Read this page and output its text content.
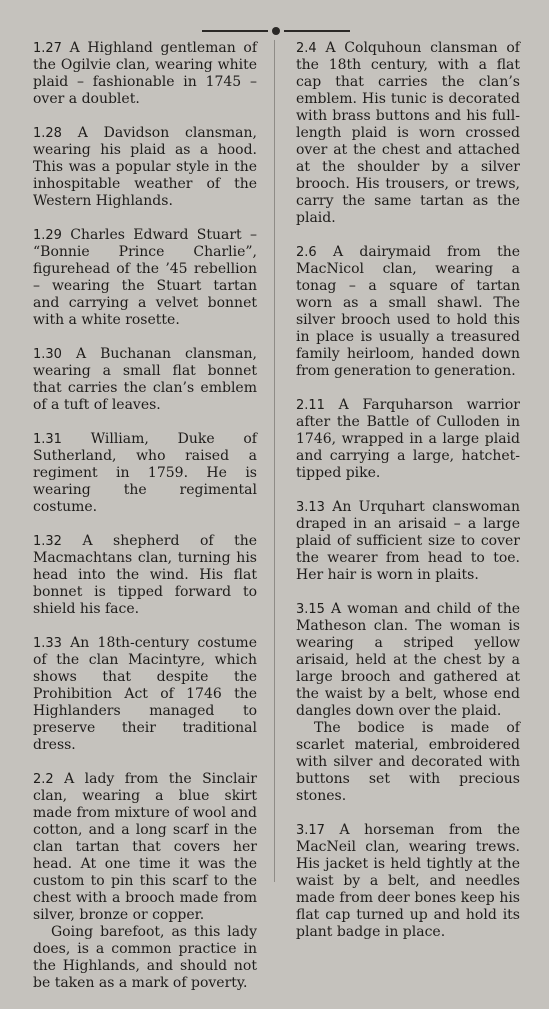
1.27 A Highland gentleman of the Ogilvie clan, wearing white plaid – fashionable in 1745 – over a doublet.

1.28 A Davidson clansman, wearing his plaid as a hood. This was a popular style in the inhospitable weather of the Western Highlands.

1.29 Charles Edward Stuart – “Bonnie Prince Charlie”, figurehead of the ’45 rebellion – wearing the Stuart tartan and carrying a velvet bonnet with a white rosette.

1.30 A Buchanan clansman, wearing a small flat bonnet that carries the clan’s emblem of a tuft of leaves.

1.31 William, Duke of Sutherland, who raised a regiment in 1759. He is wearing the regimental costume.

1.32 A shepherd of the Macmachtans clan, turning his head into the wind. His flat bonnet is tipped forward to shield his face.

1.33 An 18th-century costume of the clan Macintyre, which shows that despite the Prohibition Act of 1746 the Highlanders managed to preserve their traditional dress.

2.2 A lady from the Sinclair clan, wearing a blue skirt made from mixture of wool and cotton, and a long scarf in the clan tartan that covers her head. At one time it was the custom to pin this scarf to the chest with a brooch made from silver, bronze or copper.

Going barefoot, as this lady does, is a common practice in the Highlands, and should not be taken as a mark of poverty.

2.4 A Colquhoun clansman of the 18th century, with a flat cap that carries the clan’s emblem. His tunic is decorated with brass buttons and his full-length plaid is worn crossed over at the chest and attached at the shoulder by a silver brooch. His trousers, or trews, carry the same tartan as the plaid.

2.6 A dairymaid from the MacNicol clan, wearing a tonag – a square of tartan worn as a small shawl. The silver brooch used to hold this in place is usually a treasured family heirloom, handed down from generation to generation.

2.11 A Farquharson warrior after the Battle of Culloden in 1746, wrapped in a large plaid and carrying a large, hatchet-tipped pike.

3.13 An Urquhart clanswoman draped in an arisaid – a large plaid of sufficient size to cover the wearer from head to toe. Her hair is worn in plaits.

3.15 A woman and child of the Matheson clan. The woman is wearing a striped yellow arisaid, held at the chest by a large brooch and gathered at the waist by a belt, whose end dangles down over the plaid.

The bodice is made of scarlet material, embroidered with silver and decorated with buttons set with precious stones.

3.17 A horseman from the MacNeil clan, wearing trews. His jacket is held tightly at the waist by a belt, and needles made from deer bones keep his flat cap turned up and hold its plant badge in place.
